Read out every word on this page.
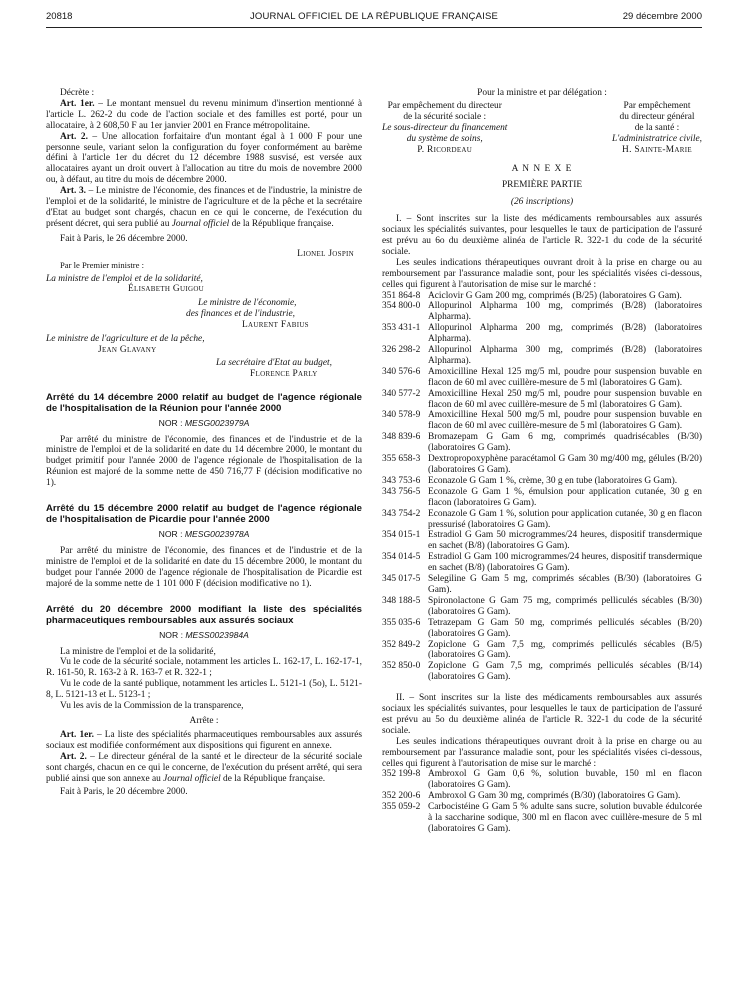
20818	JOURNAL OFFICIEL DE LA RÉPUBLIQUE FRANÇAISE	29 décembre 2000

Décrète :

Art. 1er. – Le montant mensuel du revenu minimum d'insertion mentionné à l'article L. 262-2 du code de l'action sociale et des familles est porté, pour un allocataire, à 2 608,50 F au 1er janvier 2001 en France métropolitaine.

Art. 2. – Une allocation forfaitaire d'un montant égal à 1 000 F pour une personne seule, variant selon la configuration du foyer conformément au barème défini à l'article 1er du décret du 12 décembre 1988 susvisé, est versée aux allocataires ayant un droit ouvert à l'allocation au titre du mois de novembre 2000 ou, à défaut, au titre du mois de décembre 2000.

Art. 3. – Le ministre de l'économie, des finances et de l'industrie, la ministre de l'emploi et de la solidarité, le ministre de l'agriculture et de la pêche et la secrétaire d'Etat au budget sont chargés, chacun en ce qui le concerne, de l'exécution du présent décret, qui sera publié au Journal officiel de la République française.

Fait à Paris, le 26 décembre 2000.

Lionel Jospin

Par le Premier ministre :

La ministre de l'emploi et de la solidarité,

Élisabeth Guigou

Le ministre de l'économie,

des finances et de l'industrie,

Laurent Fabius

Le ministre de l'agriculture et de la pêche,

Jean Glavany

La secrétaire d'Etat au budget,

Florence Parly

Arrêté du 14 décembre 2000 relatif au budget de l'agence régionale de l'hospitalisation de la Réunion pour l'année 2000

NOR : MESG0023979A

Par arrêté du ministre de l'économie, des finances et de l'industrie et de la ministre de l'emploi et de la solidarité en date du 14 décembre 2000, le montant du budget primitif pour l'année 2000 de l'agence régionale de l'hospitalisation de la Réunion est majoré de la somme nette de 450 716,77 F (décision modificative no 1).

Arrêté du 15 décembre 2000 relatif au budget de l'agence régionale de l'hospitalisation de Picardie pour l'année 2000

NOR : MESG0023978A

Par arrêté du ministre de l'économie, des finances et de l'industrie et de la ministre de l'emploi et de la solidarité en date du 15 décembre 2000, le montant du budget pour l'année 2000 de l'agence régionale de l'hospitalisation de Picardie est majoré de la somme nette de 1 101 000 F (décision modificative no 1).

Arrêté du 20 décembre 2000 modifiant la liste des spécialités pharmaceutiques remboursables aux assurés sociaux

NOR : MESS0023984A

La ministre de l'emploi et de la solidarité,

Vu le code de la sécurité sociale, notamment les articles L. 162-17, L. 162-17-1, R. 161-50, R. 163-2 à R. 163-7 et R. 322-1 ;

Vu le code de la santé publique, notamment les articles L. 5121-1 (5o), L. 5121-8, L. 5121-13 et L. 5123-1 ;

Vu les avis de la Commission de la transparence,

Arrête :

Art. 1er. – La liste des spécialités pharmaceutiques remboursables aux assurés sociaux est modifiée conformément aux dispositions qui figurent en annexe.

Art. 2. – Le directeur général de la santé et le directeur de la sécurité sociale sont chargés, chacun en ce qui le concerne, de l'exécution du présent arrêté, qui sera publié ainsi que son annexe au Journal officiel de la République française.

Fait à Paris, le 20 décembre 2000.

Pour la ministre et par délégation :

Par empêchement du directeur

de la sécurité sociale :

Le sous-directeur du financement

du système de soins,

P. Ricordeau

Par empêchement

du directeur général

de la santé :

L'administratrice civile,

H. Sainte-Marie

A N N E X E

PREMIÈRE PARTIE

(26 inscriptions)

I. – Sont inscrites sur la liste des médicaments remboursables aux assurés sociaux les spécialités suivantes, pour lesquelles le taux de participation de l'assuré est prévu au 6o du deuxième alinéa de l'article R. 322-1 du code de la sécurité sociale.

Les seules indications thérapeutiques ouvrant droit à la prise en charge ou au remboursement par l'assurance maladie sont, pour les spécialités visées ci-dessous, celles qui figurent à l'autorisation de mise sur le marché :

351 864-8 Aciclovir G Gam 200 mg, comprimés (B/25) (laboratoires G Gam).
354 800-0 Allopurinol Alpharma 100 mg, comprimés (B/28) (laboratoires Alpharma).
353 431-1 Allopurinol Alpharma 200 mg, comprimés (B/28) (laboratoires Alpharma).
326 298-2 Allopurinol Alpharma 300 mg, comprimés (B/28) (laboratoires Alpharma).
340 576-6 Amoxicilline Hexal 125 mg/5 ml, poudre pour suspension buvable en flacon de 60 ml avec cuillère-mesure de 5 ml (laboratoires G Gam).
340 577-2 Amoxicilline Hexal 250 mg/5 ml, poudre pour suspension buvable en flacon de 60 ml avec cuillère-mesure de 5 ml (laboratoires G Gam).
340 578-9 Amoxicilline Hexal 500 mg/5 ml, poudre pour suspension buvable en flacon de 60 ml avec cuillère-mesure de 5 ml (laboratoires G Gam).
348 839-6 Bromazepam G Gam 6 mg, comprimés quadrisécables (B/30) (laboratoires G Gam).
355 658-3 Dextropropoxyphène paracétamol G Gam 30 mg/400 mg, gélules (B/20) (laboratoires G Gam).
343 753-6 Econazole G Gam 1 %, crème, 30 g en tube (laboratoires G Gam).
343 756-5 Econazole G Gam 1 %, émulsion pour application cutanée, 30 g en flacon (laboratoires G Gam).
343 754-2 Econazole G Gam 1 %, solution pour application cutanée, 30 g en flacon pressurisé (laboratoires G Gam).
354 015-1 Estradiol G Gam 50 microgrammes/24 heures, dispositif transdermique en sachet (B/8) (laboratoires G Gam).
354 014-5 Estradiol G Gam 100 microgrammes/24 heures, dispositif transdermique en sachet (B/8) (laboratoires G Gam).
345 017-5 Selegiline G Gam 5 mg, comprimés sécables (B/30) (laboratoires G Gam).
348 188-5 Spironolactone G Gam 75 mg, comprimés pelliculés sécables (B/30) (laboratoires G Gam).
355 035-6 Tetrazepam G Gam 50 mg, comprimés pelliculés sécables (B/20) (laboratoires G Gam).
352 849-2 Zopiclone G Gam 7,5 mg, comprimés pelliculés sécables (B/5) (laboratoires G Gam).
352 850-0 Zopiclone G Gam 7,5 mg, comprimés pelliculés sécables (B/14) (laboratoires G Gam).

II. – Sont inscrites sur la liste des médicaments remboursables aux assurés sociaux les spécialités suivantes, pour lesquelles le taux de participation de l'assuré est prévu au 5o du deuxième alinéa de l'article R. 322-1 du code de la sécurité sociale.

Les seules indications thérapeutiques ouvrant droit à la prise en charge ou au remboursement par l'assurance maladie sont, pour les spécialités visées ci-dessous, celles qui figurent à l'autorisation de mise sur le marché :

352 199-8 Ambroxol G Gam 0,6 %, solution buvable, 150 ml en flacon (laboratoires G Gam).
352 200-6 Ambroxol G Gam 30 mg, comprimés (B/30) (laboratoires G Gam).
355 059-2 Carbocistéine G Gam 5 % adulte sans sucre, solution buvable édulcorée à la saccharine sodique, 300 ml en flacon avec cuillère-mesure de 5 ml (laboratoires G Gam).
